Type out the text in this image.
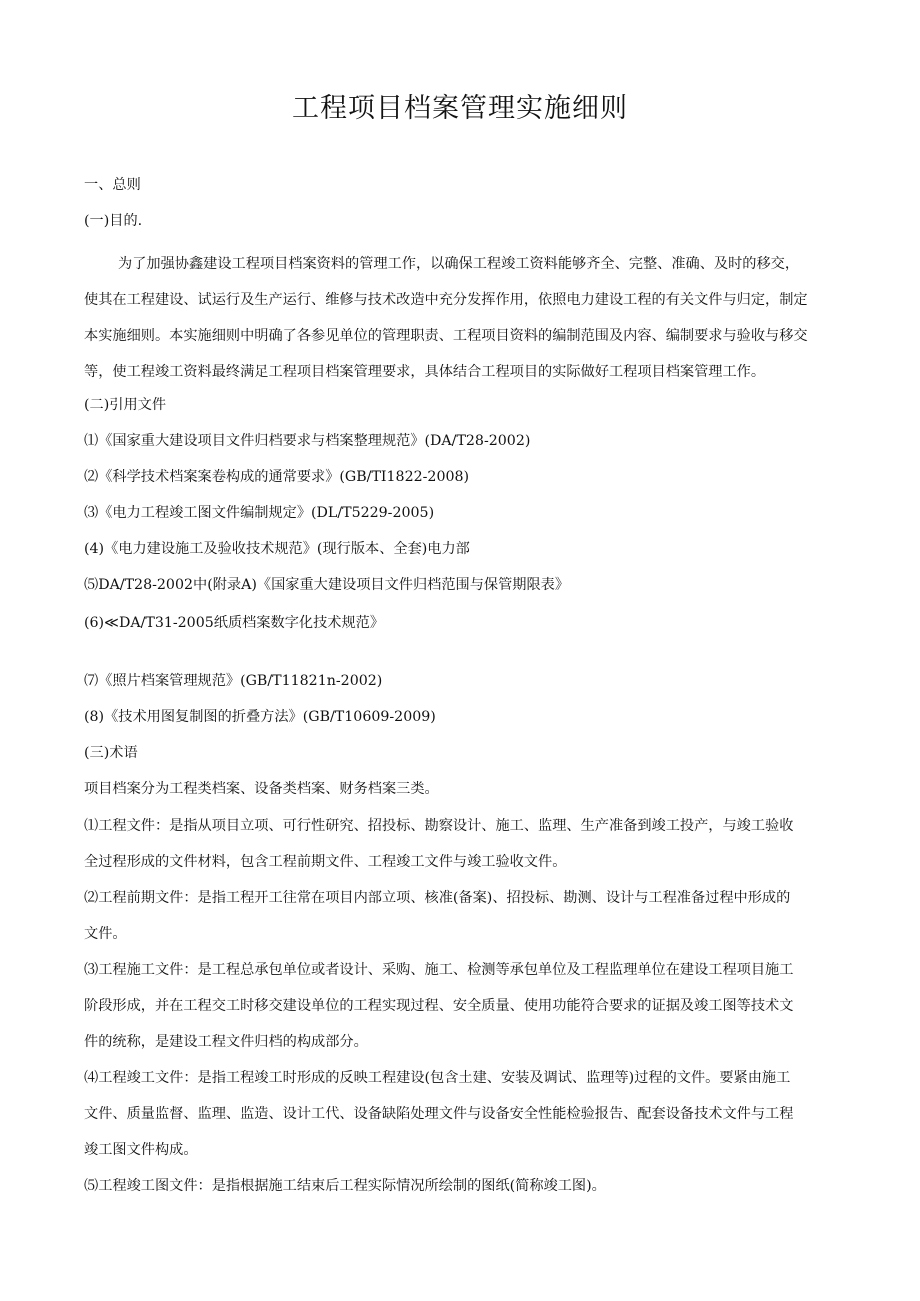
工程项目档案管理实施细则
一、总则
(一)目的.
为了加强协鑫建设工程项目档案资料的管理工作，以确保工程竣工资料能够齐全、完整、准确、及时的移交，
使其在工程建设、试运行及生产运行、维修与技术改造中充分发挥作用，依照电力建设工程的有关文件与归定，制定
本实施细则。本实施细则中明确了各参见单位的管理职责、工程项目资料的编制范围及内容、编制要求与验收与移交
等，使工程竣工资料最终满足工程项目档案管理要求，具体结合工程项目的实际做好工程项目档案管理工作。
(二)引用文件
⑴《国家重大建设项目文件归档要求与档案整理规范》(DA/T28-2002)
⑵《科学技术档案案卷构成的通常要求》(GB/TI1822-2008)
⑶《电力工程竣工图文件编制规定》(DL/T5229-2005)
(4)《电力建设施工及验收技术规范》(现行版本、全套)电力部
⑸DA/T28-2002中(附录A)《国家重大建设项目文件归档范围与保管期限表》
(6)≪DA/T31-2005纸质档案数字化技术规范》
⑺《照片档案管理规范》(GB/T11821n-2002)
(8)《技术用图复制图的折叠方法》(GB/T10609-2009)
(三)术语
项目档案分为工程类档案、设备类档案、财务档案三类。
⑴工程文件：是指从项目立项、可行性研究、招投标、勘察设计、施工、监理、生产准备到竣工投产，与竣工验收
全过程形成的文件材料，包含工程前期文件、工程竣工文件与竣工验收文件。
⑵工程前期文件：是指工程开工往常在项目内部立项、核准(备案)、招投标、勘测、设计与工程准备过程中形成的
文件。
⑶工程施工文件：是工程总承包单位或者设计、采购、施工、检测等承包单位及工程监理单位在建设工程项目施工
阶段形成，并在工程交工时移交建设单位的工程实现过程、安全质量、使用功能符合要求的证据及竣工图等技术文
件的统称，是建设工程文件归档的构成部分。
⑷工程竣工文件：是指工程竣工时形成的反映工程建设(包含土建、安装及调试、监理等)过程的文件。要紧由施工
文件、质量监督、监理、监造、设计工代、设备缺陷处理文件与设备安全性能检验报告、配套设备技术文件与工程
竣工图文件构成。
⑸工程竣工图文件：是指根据施工结束后工程实际情况所绘制的图纸(简称竣工图)。
